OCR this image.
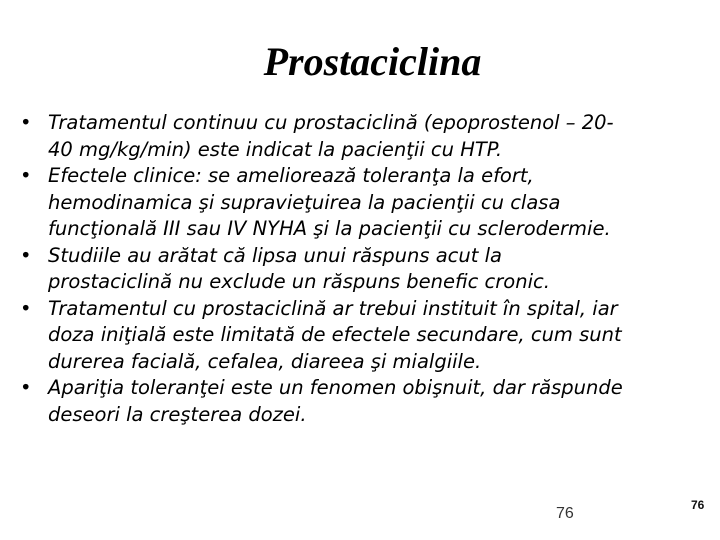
Prostaciclina
• Tratamentul continuu cu prostaciclină (epoprostenol – 20-
40 mg/kg/min) este indicat la pacienţii cu HTP.
• Efectele clinice: se ameliorează toleranţa la efort,
hemodinamica şi supravieţuirea la pacienţii cu clasa
funcţională III sau IV NYHA şi la pacienţii cu sclerodermie.
• Studiile au arătat că lipsa unui răspuns acut la
prostaciclină nu exclude un răspuns benefic cronic.
• Tratamentul cu prostaciclină ar trebui instituit în spital, iar
doza iniţială este limitată de efectele secundare, cum sunt
durerea facială, cefalea, diareea şi mialgiile.
• Apariţia toleranţei este un fenomen obişnuit, dar răspunde
deseori la creşterea dozei.
76	76
